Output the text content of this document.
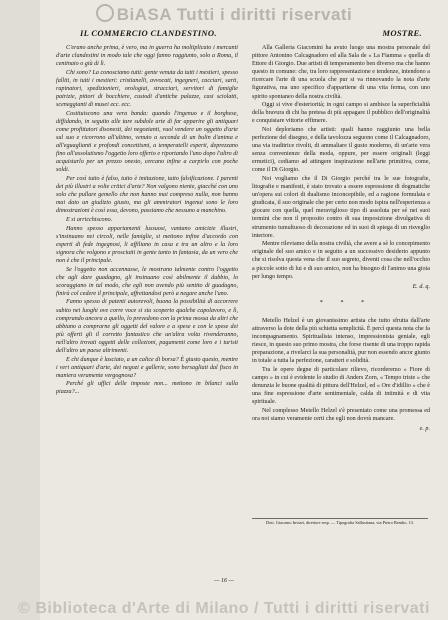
BiASA Tutti i diritti riservati
IL COMMERCIO CLANDESTINO.	MOSTRE.

C'erano anche prima, è vero, ma in guerra ha moltiplicato i mercanti d'arte clandestini in modo tale che oggi fanno raggiunto, solo a Roma, il centinaio o giù di lì.

Chi sono? La conosciamo tutti: gente venuta da tutti i mestieri, spesso falliti, in tutti i mestieri: cristianelli, avvocati, ingegneri, cacciari, sarti, rapinatori, spedizionieri, orologiai, stracciari, servitori di famiglie patrizie, pittori di bocchiere, custodi d'antiche palazze, casi sciolatti, sceneggianti di musei ecc. ecc.

Costituiscono una vera banda: quando l'ingenuo e il borghese, diffidando, in seguito alle tare subdole arte di far apparire gli antiquari come profittatori disonesti, dei negozianti, vuol vendere un oggetto d'arte sul suo e ricorrono all'ultimo, venuto a seconda di un bulin d'anima e all'eguaglianti e profondi concettismi, a temperatelli esperti, deprezzano fino all'assolutismo l'oggetto loro offerto e riportando l'uno dopo l'altro di acquistarlo per un prezzo onesto, cercano infine a carpirlo con poche soldi.

Per così tutto è falso, tutto è imitazione, tutto falsificazione. I parenti dei più illustri a volte critici d'arte? Non valgono niente, giacché con uno solo che pullare gemello che non hanno mai compreso nulla, non hanno mai dato un giudizio giusto, ma gli ammiratori ingenui sono le loro dimostrazioni è così essa, devono, passiamo che nessuno a manchino.

E si arricchiscono.

Hanno spesso appartamenti lussuosi, vantano amicizie illustri, s'insinuano nei circoli, nelle famiglie, si mettono infine d'accordo con esperti di fede ingegnosi, li affiliano in casa e tra un altro e la loro signora che volgono e prosciutti in gente tanto in fantasia, da un vero che non è che il principale.

Se l'oggetto non accennasse, le mostrano talmente contro l'oggetto che agli dare guadagno, gli insinuano così abilmente il dubbio, lo scoraggiano in tal modo, che egli non avendo più sentito di guadagno, finirà col cedere il principale, affrettandosi però a negare anche l'uno.

Fanno spesso di patenti autorevoli, buona la possibilità di accorrere subito nei luoghi ove corre voce si sia scoperto qualche capolavoro, e lì, comprando ancora a quello, lo prevedono con la prima mossa da altri che abbiano a comprarne gli oggetti del valore e a spese e con le spese dei più offerti gli il corretto fantastico che un'altra volta rivenderanno, nell'altro trovati oggetti delle collezioni, pagamenti come loro e i turisti dell'altro un paese altrimenti.

E chi dunque è lasciato, a un calice di borsa? È giusto questo, mentre i veri antiquari d'arte, dei negozi e gallerie, sono bersagliati dal fisco in maniera veramente vergognosa?

Perché gli uffici delle imposte non... mettono in bilanci sulla piazza?...

Alla Galleria Giacomini ha avuto luogo una mostra personale del pittore Antonino Calcagnadoro ed alla Sala de « La Fiamma » quella di Ettore di Giorgio. Due artisti di temperamento ben diverso ma che hanno questo in comune: che, tra loro rappresentazione e tendenze, intendono a ricercare l'arte di una scuola che pur si va rinnovando la nota d'arte figurativa, ma uno specifico d'appartiene di una vita ferma, con uno spirito spontaneo della nostra civiltà.

Oggi si vive d'esteriorità; in ogni campo si ambisce la superficialità della bravura di chi ha pretesa di più appagare il pubblico dell'originalità e conquistare vittorie effimere.

Noi deploriamo che artisti: quali hanno raggiunto una bella perfezione del disegno, e della tavolozza seguono come il Calcagnadoro, una via traditrice rivolti, di ammaliare il gusto moderno, di un'arte vera senza convenienze della moda, oppure, per essere originali (leggi ermetici), cediamo ad attingere inspirazione nell'arte primitiva, come, come il Di Giorgio.

Noi vogliamo che il Di Giorgio perché tra le sue fotografie, litografie e manifesti, è stato trovato a essere espressione di dogmatiche un'opera sui colori di dualismo inconcepibile, ed a ragione formulata e giudicata, il suo originale che per certo non modo ispira nell'esperienza a giocare con quella, quel meraviglioso tipo di assoluta per sé nei suoi termini che non il proposito contro di sua imposizione divulgativa di strumento tumultuoso di decorazione ed in suoi di spiega di un risveglio interiore.

Mentre rileviamo della nostra civiltà, che avere a sè lo concepimento originale del suo amico e in seguito a un successivo desiderio appunto che si risolva questa vena che il suo segreto, diventi cosa che nell'occhio a piccole sotto di lui e di suo amico, non ha bisogno di l'animo una gioia per lungo tempo.

E. d. q.

* * *

Metello Helzel è un giovanissimo artista che tutto sfrutta dall'arte attraverso la dote della più schietta semplicità. È percì questa nota che fa incompagnamento. Spiritualista intenso, impressionista geniale, egli riesce, in questo suo primo mostra, che forse risente di una troppo rapida preparazione, a rivelarci la sua personalità, pur non essendo ancor giunto in totale a tutta la perfezione, caratteri e solidità.

Tra le opere degne di particolare rilievo, ricorderemo « Fiore di campo » in cui è evidente lo studio di Anders Zorn, « Tempo triste » che denunzia le buone qualità di pittura dell'Helzel, ed « Ore d'idillio » che è una fine espressione d'arte sentimentale, calda di intimità e di vita spirituale.

Nel complesso Metello Helzel s'è presentato come una promessa ed ora noi siamo veramente certi che egli non dovrà mancare.

e. p.

Dott. Giacomo Inviati, direttore resp. — Tipografia Sallustiana, via Pietro Bembo, 13.
— 16 —
© Biblioteca d'Arte di Milano / Tutti i diritti riservati
